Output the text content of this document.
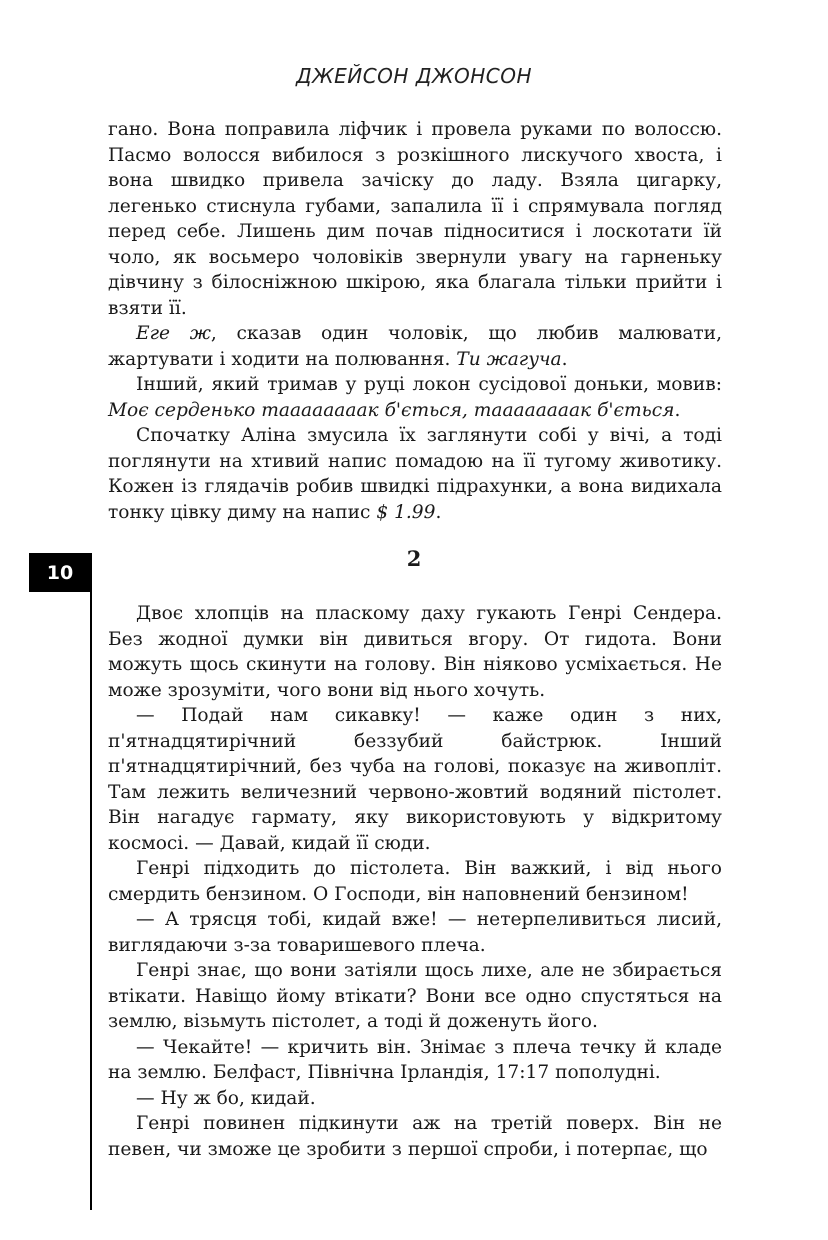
ДЖЕЙСОН ДЖОНСОН

гано. Вона поправила ліфчик і провела руками по волоссю. Пасмо волосся вибилося з розкішного лискучого хвоста, і вона швидко привела зачіску до ладу. Взяла цигарку, легенько стиснула губами, запалила її і спрямувала погляд перед себе. Лишень дим почав підноситися і лоскотати їй чоло, як восьмеро чоловіків звернули увагу на гарненьку дівчину з білосніжною шкірою, яка благала тільки прийти і взяти її.

Еге ж, сказав один чоловік, що любив малювати, жартувати і ходити на полювання. Ти жагуча.

Інший, який тримав у руці локон сусідової доньки, мовив: Моє серденько таааааааак б'ється, таааааааак б'ється.

Спочатку Аліна змусила їх заглянути собі у вічі, а тоді поглянути на хтивий напис помадою на її тугому животику. Кожен із глядачів робив швидкі підрахунки, а вона видихала тонку цівку диму на напис $ 1.99.

10
2

Двоє хлопців на пласкому даху гукають Генрі Сендера. Без жодної думки він дивиться вгору. От гидота. Вони можуть щось скинути на голову. Він ніяково усміхається. Не може зрозуміти, чого вони від нього хочуть.

— Подай нам сикавку! — каже один з них, п'ятнадцятирічний беззубий байстрюк. Інший п'ятнадцятирічний, без чуба на голові, показує на живопліт. Там лежить величезний червоно-жовтий водяний пістолет. Він нагадує гармату, яку використовують у відкритому космосі. — Давай, кидай її сюди.

Генрі підходить до пістолета. Він важкий, і від нього смердить бензином. О Господи, він наповнений бензином!

— А трясця тобі, кидай вже! — нетерпеливиться лисий, виглядаючи з-за товаришевого плеча.

Генрі знає, що вони затіяли щось лихе, але не збирається втікати. Навіщо йому втікати? Вони все одно спустяться на землю, візьмуть пістолет, а тоді й доженуть його.

— Чекайте! — кричить він. Знімає з плеча течку й кладе на землю. Белфаст, Північна Ірландія, 17:17 пополудні.

— Ну ж бо, кидай.

Генрі повинен підкинути аж на третій поверх. Він не певен, чи зможе це зробити з першої спроби, і потерпає, що
